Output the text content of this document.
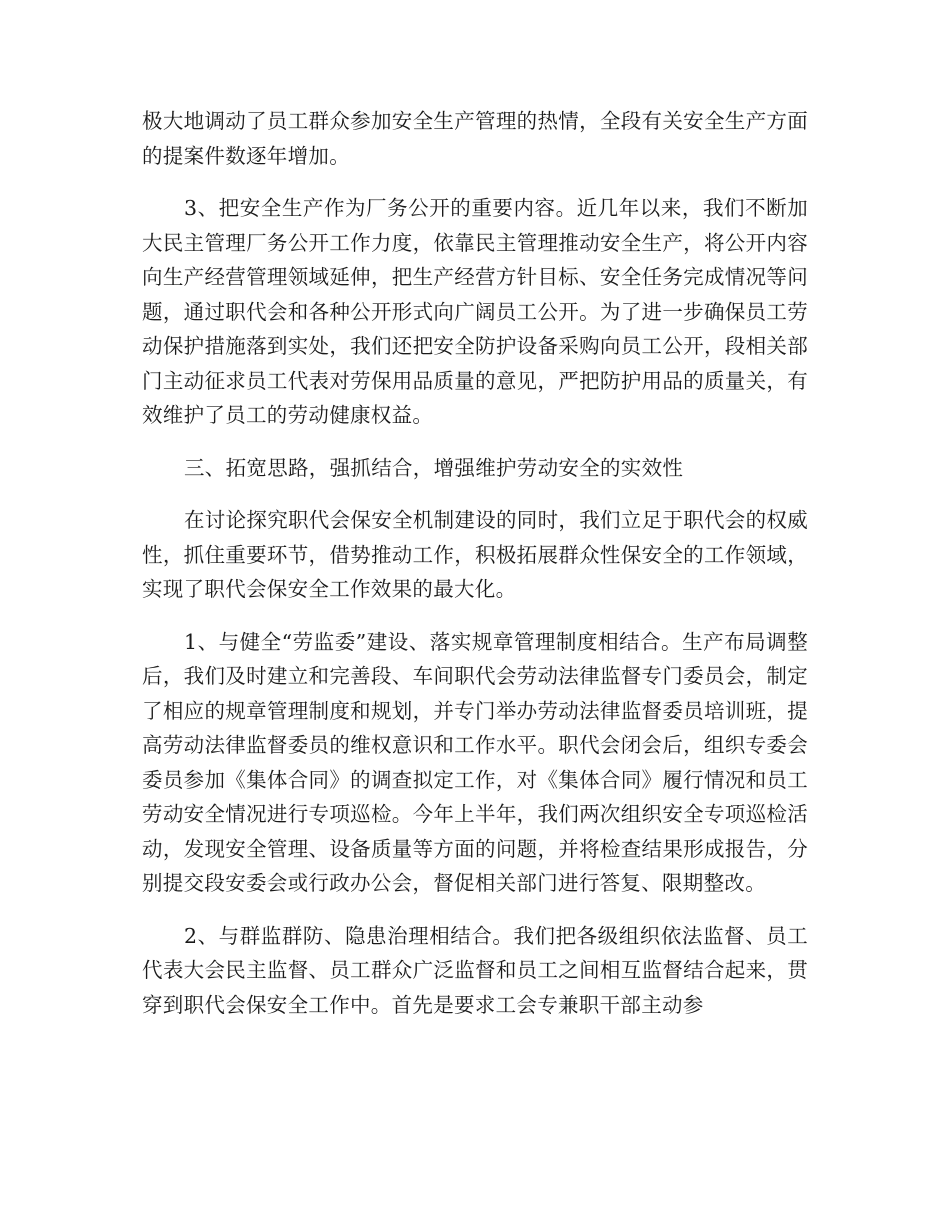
极大地调动了员工群众参加安全生产管理的热情，全段有关安全生产方面的提案件数逐年增加。

3、把安全生产作为厂务公开的重要内容。近几年以来，我们不断加大民主管理厂务公开工作力度，依靠民主管理推动安全生产，将公开内容向生产经营管理领域延伸，把生产经营方针目标、安全任务完成情况等问题，通过职代会和各种公开形式向广阔员工公开。为了进一步确保员工劳动保护措施落到实处，我们还把安全防护设备采购向员工公开，段相关部门主动征求员工代表对劳保用品质量的意见，严把防护用品的质量关，有效维护了员工的劳动健康权益。

三、拓宽思路，强抓结合，增强维护劳动安全的实效性

在讨论探究职代会保安全机制建设的同时，我们立足于职代会的权威性，抓住重要环节，借势推动工作，积极拓展群众性保安全的工作领域，实现了职代会保安全工作效果的最大化。

1、与健全“劳监委”建设、落实规章管理制度相结合。生产布局调整后，我们及时建立和完善段、车间职代会劳动法律监督专门委员会，制定了相应的规章管理制度和规划，并专门举办劳动法律监督委员培训班，提高劳动法律监督委员的维权意识和工作水平。职代会闭会后，组织专委会委员参加《集体合同》的调查拟定工作，对《集体合同》履行情况和员工劳动安全情况进行专项巡检。今年上半年，我们两次组织安全专项巡检活动，发现安全管理、设备质量等方面的问题，并将检查结果形成报告，分别提交段安委会或行政办公会，督促相关部门进行答复、限期整改。

2、与群监群防、隐患治理相结合。我们把各级组织依法监督、员工代表大会民主监督、员工群众广泛监督和员工之间相互监督结合起来，贯穿到职代会保安全工作中。首先是要求工会专兼职干部主动参
